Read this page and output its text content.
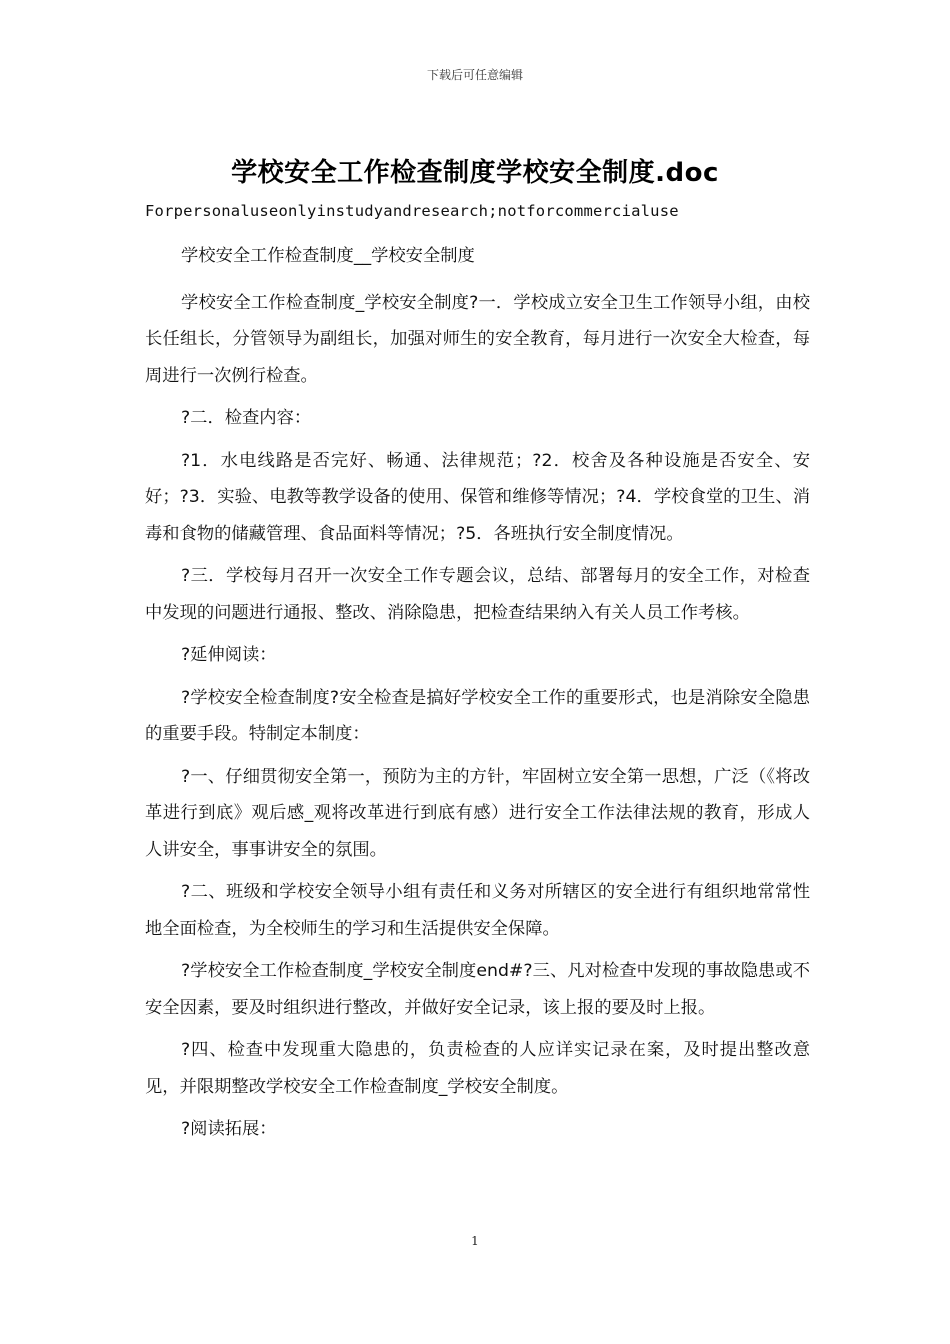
下载后可任意编辑
学校安全工作检查制度学校安全制度.doc
Forpersonaluseonlyinstudyandresearch;notforcommercialuse

学校安全工作检查制度__学校安全制度

学校安全工作检查制度_学校安全制度?一．学校成立安全卫生工作领导小组，由校长任组长，分管领导为副组长，加强对师生的安全教育，每月进行一次安全大检查，每周进行一次例行检查。

?二．检查内容：

?1．水电线路是否完好、畅通、法律规范；?2．校舍及各种设施是否安全、安好；?3．实验、电教等教学设备的使用、保管和维修等情况；?4．学校食堂的卫生、消毒和食物的储藏管理、食品面料等情况；?5．各班执行安全制度情况。

?三．学校每月召开一次安全工作专题会议，总结、部署每月的安全工作，对检查中发现的问题进行通报、整改、消除隐患，把检查结果纳入有关人员工作考核。

?延伸阅读：

?学校安全检查制度?安全检查是搞好学校安全工作的重要形式，也是消除安全隐患的重要手段。特制定本制度：

?一、仔细贯彻安全第一，预防为主的方针，牢固树立安全第一思想，广泛（《将改革进行到底》观后感_观将改革进行到底有感）进行安全工作法律法规的教育，形成人人讲安全，事事讲安全的氛围。

?二、班级和学校安全领导小组有责任和义务对所辖区的安全进行有组织地常常性地全面检查，为全校师生的学习和生活提供安全保障。

?学校安全工作检查制度_学校安全制度end#?三、凡对检查中发现的事故隐患或不安全因素，要及时组织进行整改，并做好安全记录，该上报的要及时上报。

?四、检查中发现重大隐患的，负责检查的人应详实记录在案，及时提出整改意见，并限期整改学校安全工作检查制度_学校安全制度。

?阅读拓展：

1
